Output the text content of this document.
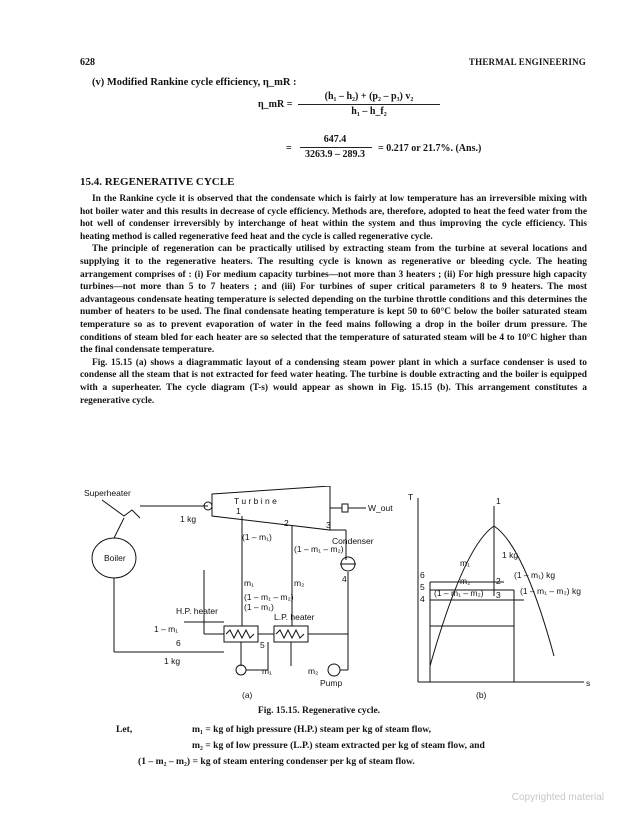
628	THERMAL ENGINEERING
(v) Modified Rankine cycle efficiency, η_mR :
η_mR =
(h₁ – h₂) + (p₂ – p₃) v₂
h₁ – h_f₂
=
647.4
3263.9 – 289.3
= 0.217 or 21.7%. (Ans.)
15.4. REGENERATIVE CYCLE

In the Rankine cycle it is observed that the condensate which is fairly at low temperature has an irreversible mixing with hot boiler water and this results in decrease of cycle efficiency. Methods are, therefore, adopted to heat the feed water from the hot well of condenser irreversibly by interchange of heat within the system and thus improving the cycle efficiency. This heating method is called regenerative feed heat and the cycle is called regenerative cycle.

The principle of regeneration can be practically utilised by extracting steam from the turbine at several locations and supplying it to the regenerative heaters. The resulting cycle is known as regenerative or bleeding cycle. The heating arrangement comprises of : (i) For medium capacity turbines—not more than 3 heaters ; (ii) For high pressure high capacity turbines—not more than 5 to 7 heaters ; and (iii) For turbines of super critical parameters 8 to 9 heaters. The most advantageous condensate heating temperature is selected depending on the turbine throttle conditions and this determines the number of heaters to be used. The final condensate heating temperature is kept 50 to 60°C below the boiler saturated steam temperature so as to prevent evaporation of water in the feed mains following a drop in the boiler drum pressure. The conditions of steam bled for each heater are so selected that the temperature of saturated steam will be 4 to 10°C higher than the final condensate temperature.

Fig. 15.15 (a) shows a diagrammatic layout of a condensing steam power plant in which a surface condenser is used to condense all the steam that is not extracted for feed water heating. The turbine is double extracting and the boiler is equipped with a superheater. The cycle diagram (T-s) would appear as shown in Fig. 15.15 (b). This arrangement constitutes a regenerative cycle.

Superheater
T u r b i n e
W_out
Boiler
Condenser
H.P. heater
L.P. heater
Pump
1 kg
1 kg
(1 – m₁)
(1 – m₁ – m₂)
(1 – m₁ – m₂)
(1 – m₁)
m₁	m₂
m₁	m₂
1 – m₁
1
2	3
4
5
6
(a)
T
s
1 kg
(1 – m₁) kg
(1 – m₁ – m₂) kg
m₁
m₂
(1 – m₁ – m₂)
1
2
3
4
5
6
(b)
Fig. 15.15. Regenerative cycle.
Let,	m₁ = kg of high pressure (H.P.) steam per kg of steam flow,
m₂ = kg of low pressure (L.P.) steam extracted per kg of steam flow, and
(1 – m₂ – m₂) = kg of steam entering condenser per kg of steam flow.
Copyrighted material
